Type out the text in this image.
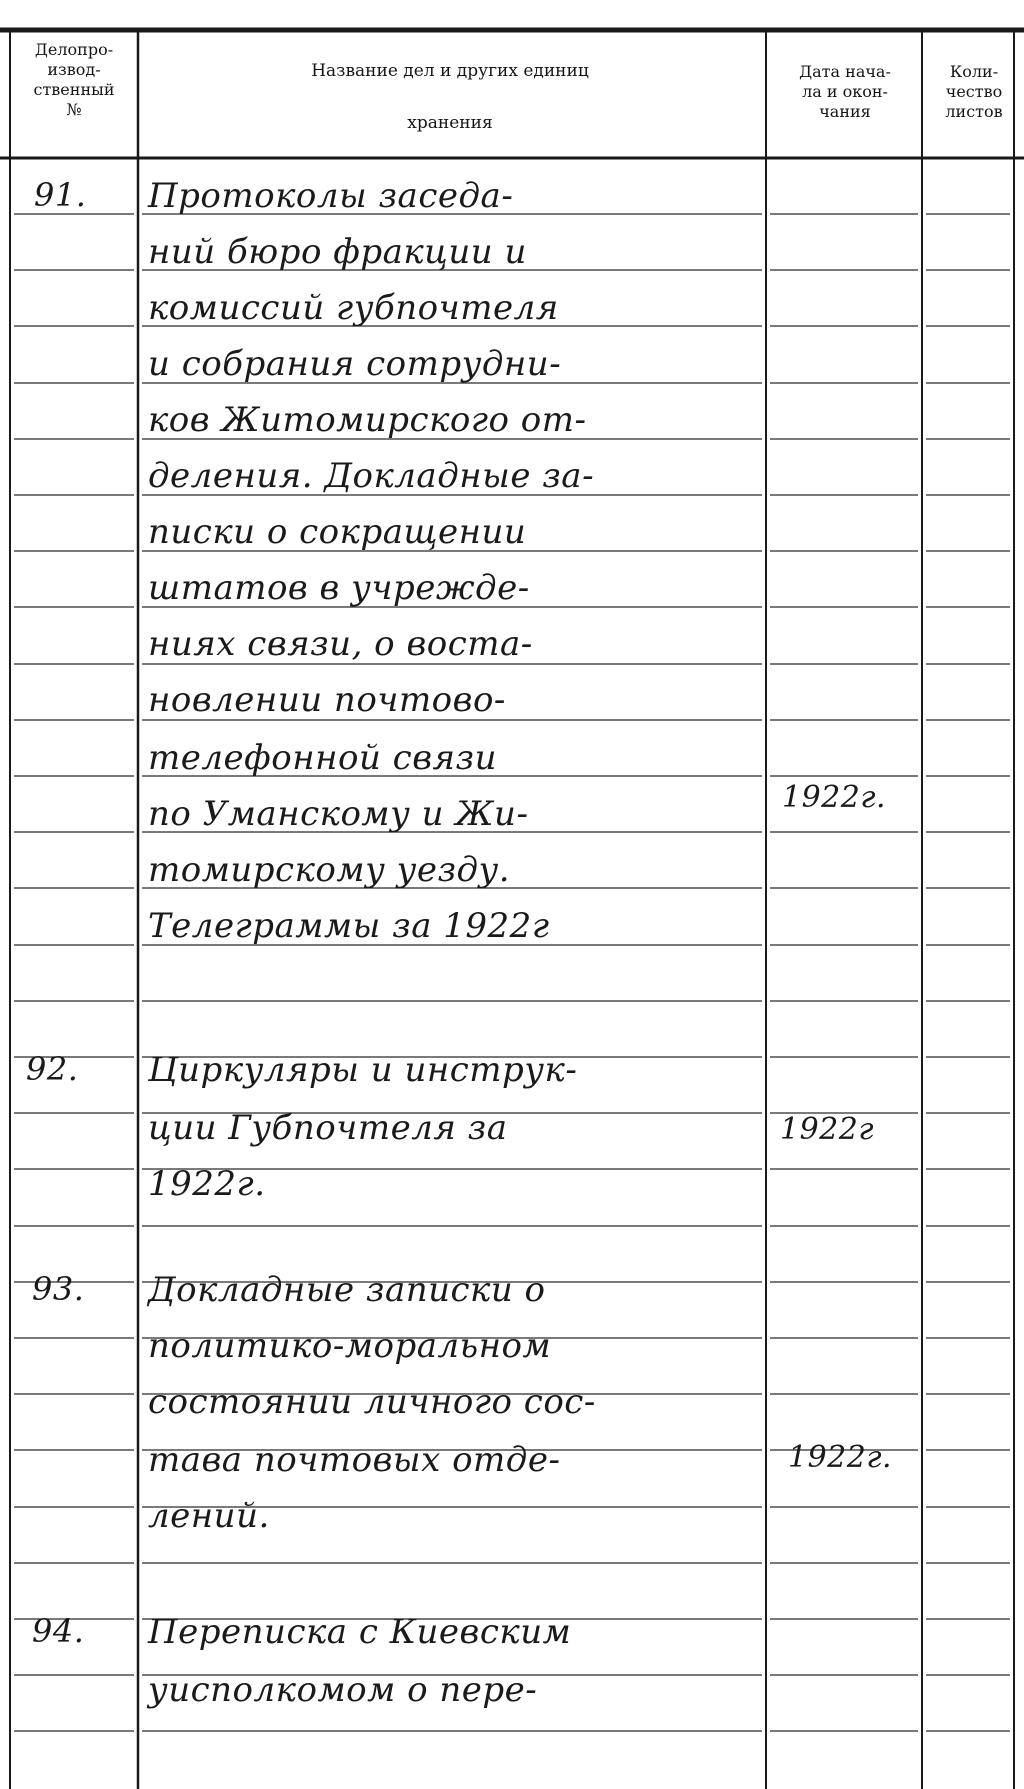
Делопро-
извод-
ственный
№
Название дел и других единиц

хранения
Дата нача-
ла и окон-
чания
Коли-
чество
листов
91. Протоколы заседа-
ний бюро фракции и
комиссий губпочтеля
и собрания сотрудни-
ков Житомирского от-
деления. Докладные за-
писки о сокращении
штатов в учрежде-
ниях связи, о воста-
новлении почтово-
телефонной связи
по Уманскому и Жи-
томирскому уезду.
Телеграммы за 1922г
1922г.
92. Циркуляры и инструк-
ции Губпочтеля за
1922г.
1922г
93. Докладные записки о
политико-моральном
состоянии личного сос-
тава почтовых отде-
лений.
1922г.
94. Переписка с Киевским
уисполкомом о пере-
